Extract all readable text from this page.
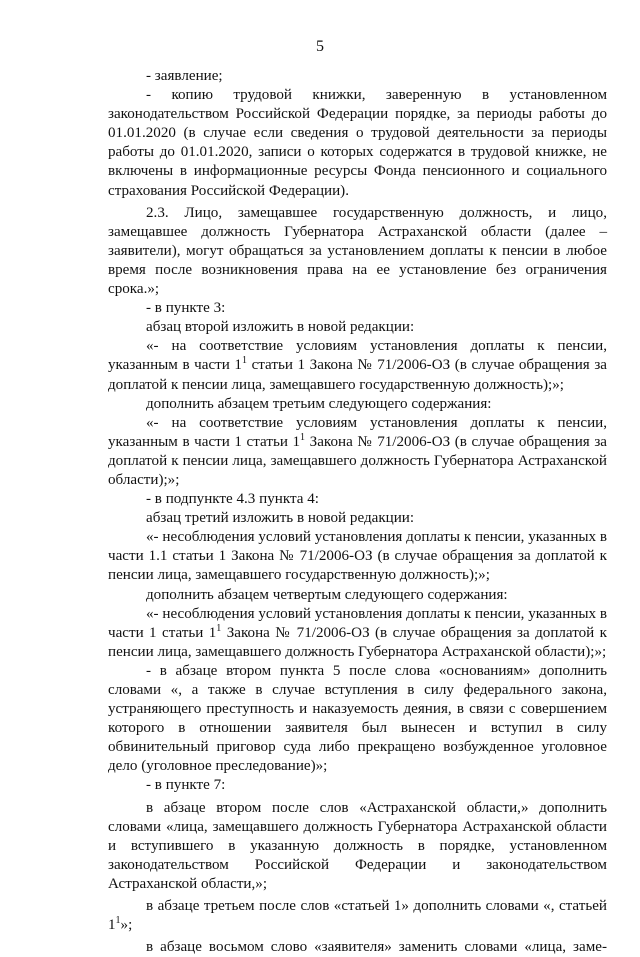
5

- заявление;

- копию трудовой книжки, заверенную в установленном законодательством Российской Федерации порядке, за периоды работы до 01.01.2020 (в случае если сведения о трудовой деятельности за периоды работы до 01.01.2020, записи о которых содержатся в трудовой книжке, не включены в информационные ресурсы Фонда пенсионного и социального страхования Российской Федерации).

2.3. Лицо, замещавшее государственную должность, и лицо, замещавшее должность Губернатора Астраханской области (далее – заявители), могут обращаться за установлением доплаты к пенсии в любое время после возникновения права на ее установление без ограничения срока.»;

- в пункте 3:

абзац второй изложить в новой редакции:

«- на соответствие условиям установления доплаты к пенсии, указанным в части $1^1$ статьи 1 Закона № 71/2006-ОЗ (в случае обращения за доплатой к пенсии лица, замещавшего государственную должность);»;

дополнить абзацем третьим следующего содержания:

«- на соответствие условиям установления доплаты к пенсии, указанным в части 1 статьи $1^1$ Закона № 71/2006-ОЗ (в случае обращения за доплатой к пенсии лица, замещавшего должность Губернатора Астраханской области);»;

- в подпункте 4.3 пункта 4:

абзац третий изложить в новой редакции:

«- несоблюдения условий установления доплаты к пенсии, указанных в части 1.1 статьи 1 Закона № 71/2006-ОЗ (в случае обращения за доплатой к пенсии лица, замещавшего государственную должность);»;

дополнить абзацем четвертым следующего содержания:

«- несоблюдения условий установления доплаты к пенсии, указанных в части 1 статьи $1^1$ Закона № 71/2006-ОЗ (в случае обращения за доплатой к пенсии лица, замещавшего должность Губернатора Астраханской области);»;

- в абзаце втором пункта 5 после слова «основаниям» дополнить словами «, а также в случае вступления в силу федерального закона, устраняющего преступность и наказуемость деяния, в связи с совершением которого в отношении заявителя был вынесен и вступил в силу обвинительный приговор суда либо прекращено возбужденное уголовное дело (уголовное преследование)»;

- в пункте 7:

в абзаце втором после слов «Астраханской области,» дополнить словами «лица, замещавшего должность Губернатора Астраханской области и вступившего в указанную должность в порядке, установленном законодательством Российской Федерации и законодательством Астраханской области,»;

в абзаце третьем после слов «статьей 1» дополнить словами «, статьей $1^1$»;

в абзаце восьмом слово «заявителя» заменить словами «лица, заме-
